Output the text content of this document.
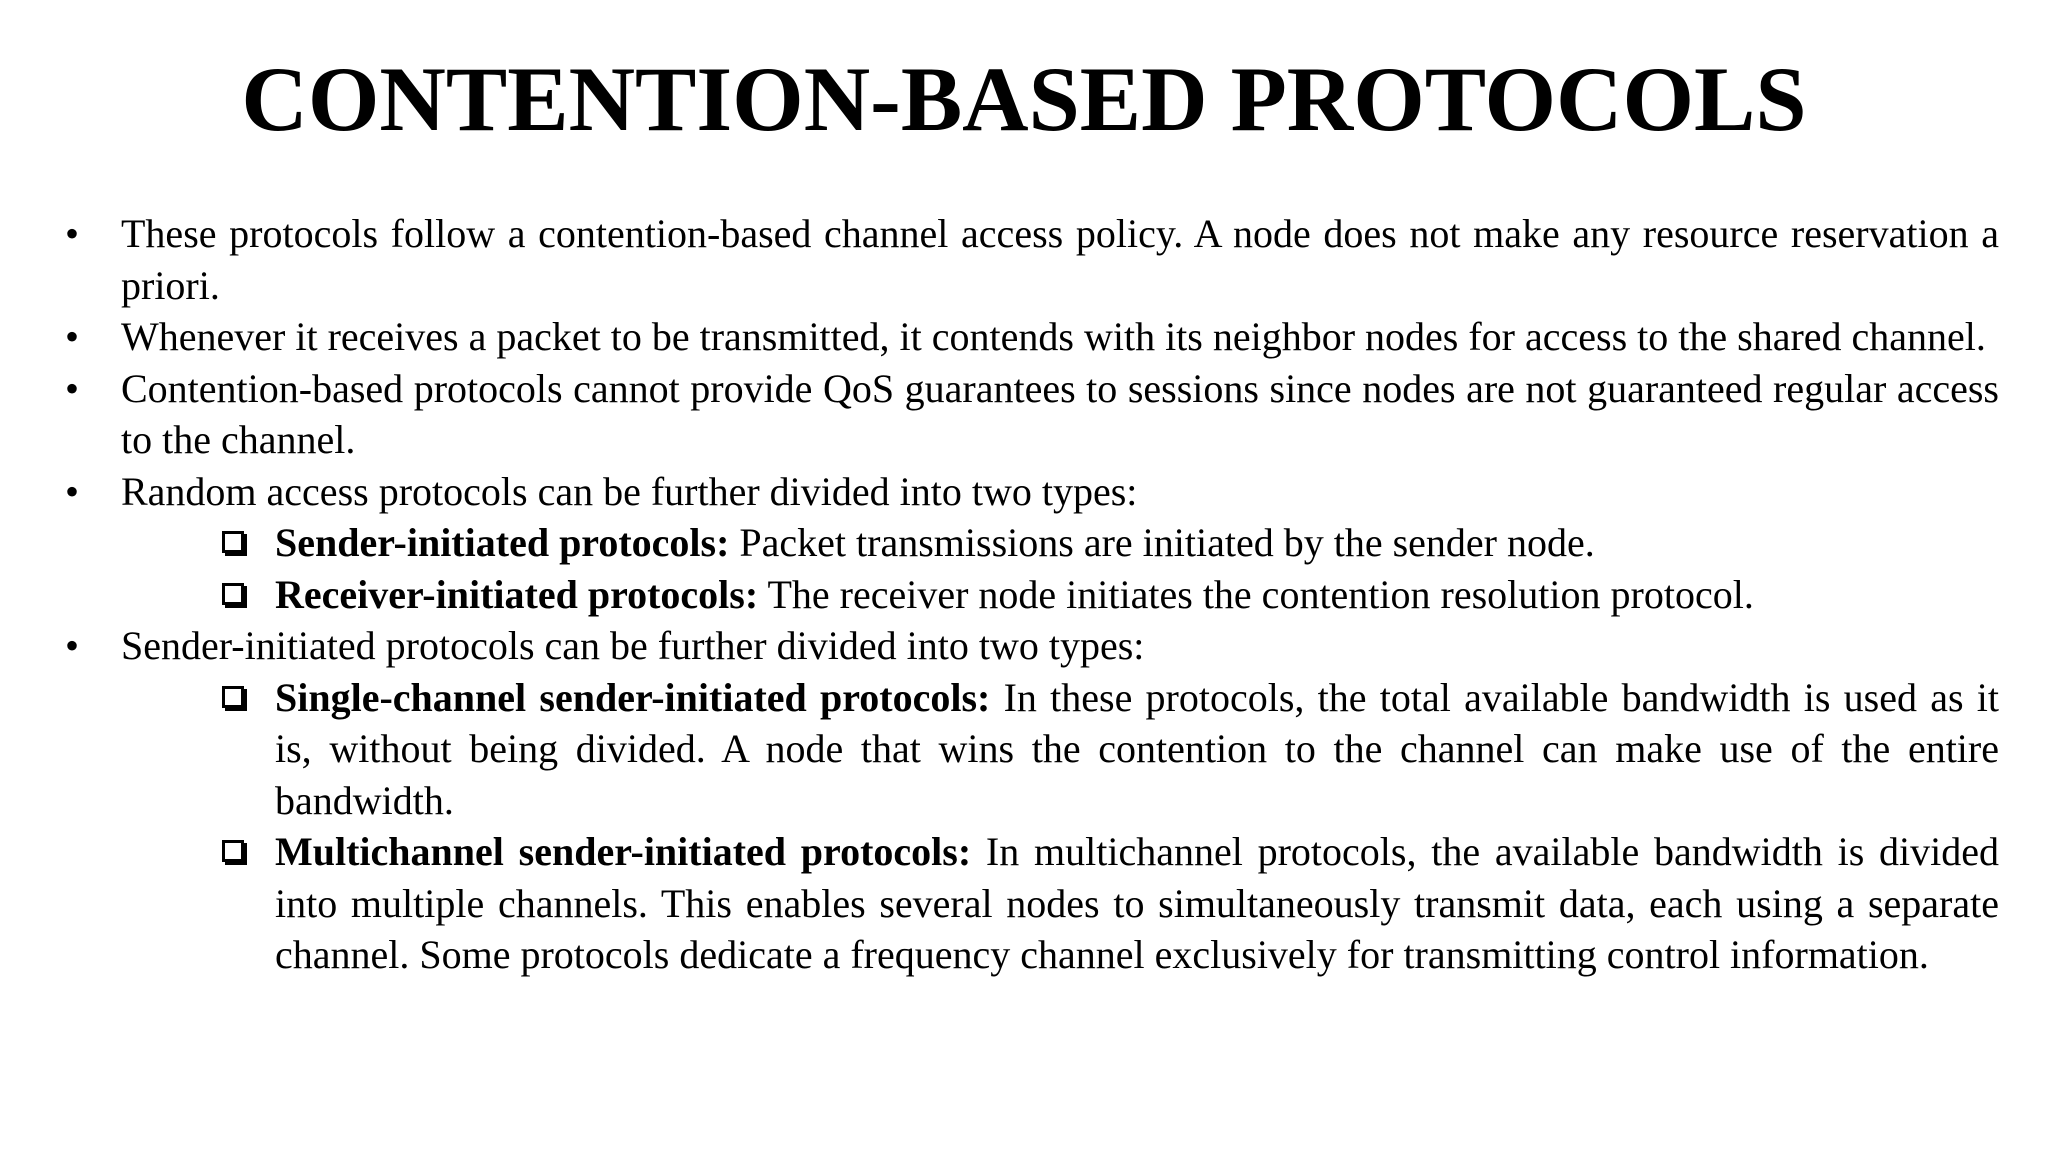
CONTENTION-BASED PROTOCOLS
• These protocols follow a contention-based channel access policy. A node does not make any resource reservation a priori.
• Whenever it receives a packet to be transmitted, it contends with its neighbor nodes for access to the shared channel.
• Contention-based protocols cannot provide QoS guarantees to sessions since nodes are not guaranteed regular access to the channel.
• Random access protocols can be further divided into two types:
Sender-initiated protocols: Packet transmissions are initiated by the sender node.
Receiver-initiated protocols: The receiver node initiates the contention resolution protocol.
• Sender-initiated protocols can be further divided into two types:
Single-channel sender-initiated protocols: In these protocols, the total available bandwidth is used as it is, without being divided. A node that wins the contention to the channel can make use of the entire bandwidth.
Multichannel sender-initiated protocols: In multichannel protocols, the available bandwidth is divided into multiple channels. This enables several nodes to simultaneously transmit data, each using a separate channel. Some protocols dedicate a frequency channel exclusively for transmitting control information.
